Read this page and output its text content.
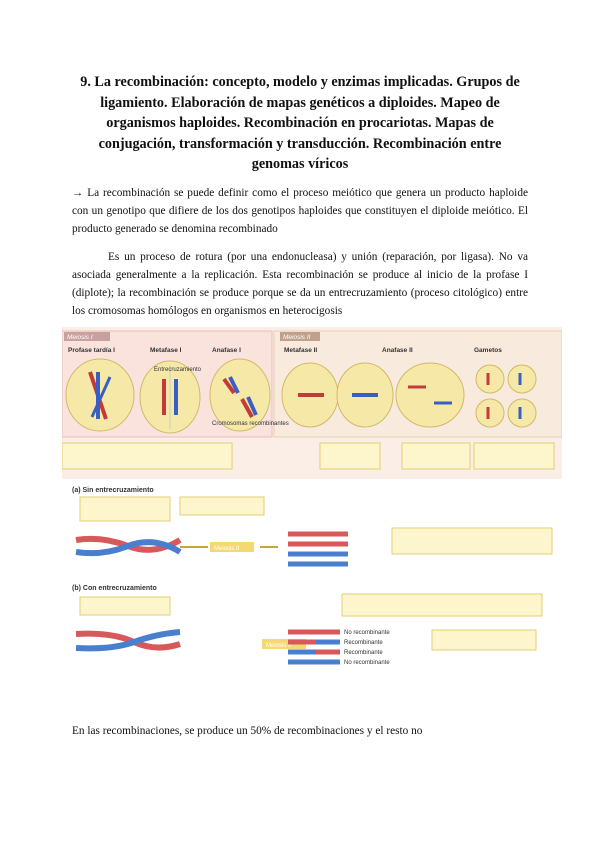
9. La recombinación: concepto, modelo y enzimas implicadas. Grupos de ligamiento. Elaboración de mapas genéticos a diploides. Mapeo de organismos haploides. Recombinación en procariotas. Mapas de conjugación, transformación y transducción. Recombinación entre genomas víricos
→ La recombinación se puede definir como el proceso meiótico que genera un producto haploide con un genotipo que difiere de los dos genotipos haploides que constituyen el diploide meiótico. El producto generado se denomina recombinado
Es un proceso de rotura (por una endonucleasa) y unión (reparación, por ligasa). No va asociada generalmente a la replicación. Esta recombinación se produce al inicio de la profase I (diplote); la recombinación se produce porque se da un entrecruzamiento (proceso citológico) entre los cromosomas homólogos en organismos en heterocigosis
Meiosis I	Meiosis II
Profase tardía I	Metafase I	Anafase I	Metafase II	Anafase II	Gametos
Entrecruzamiento
Cromosomas recombinantes
(a) Sin entrecruzamiento
Meiosis II
(b) Con entrecruzamiento
Meiosis II
No recombinante
Recombinante
Recombinante
No recombinante
En las recombinaciones, se produce un 50% de recombinaciones y el resto no
